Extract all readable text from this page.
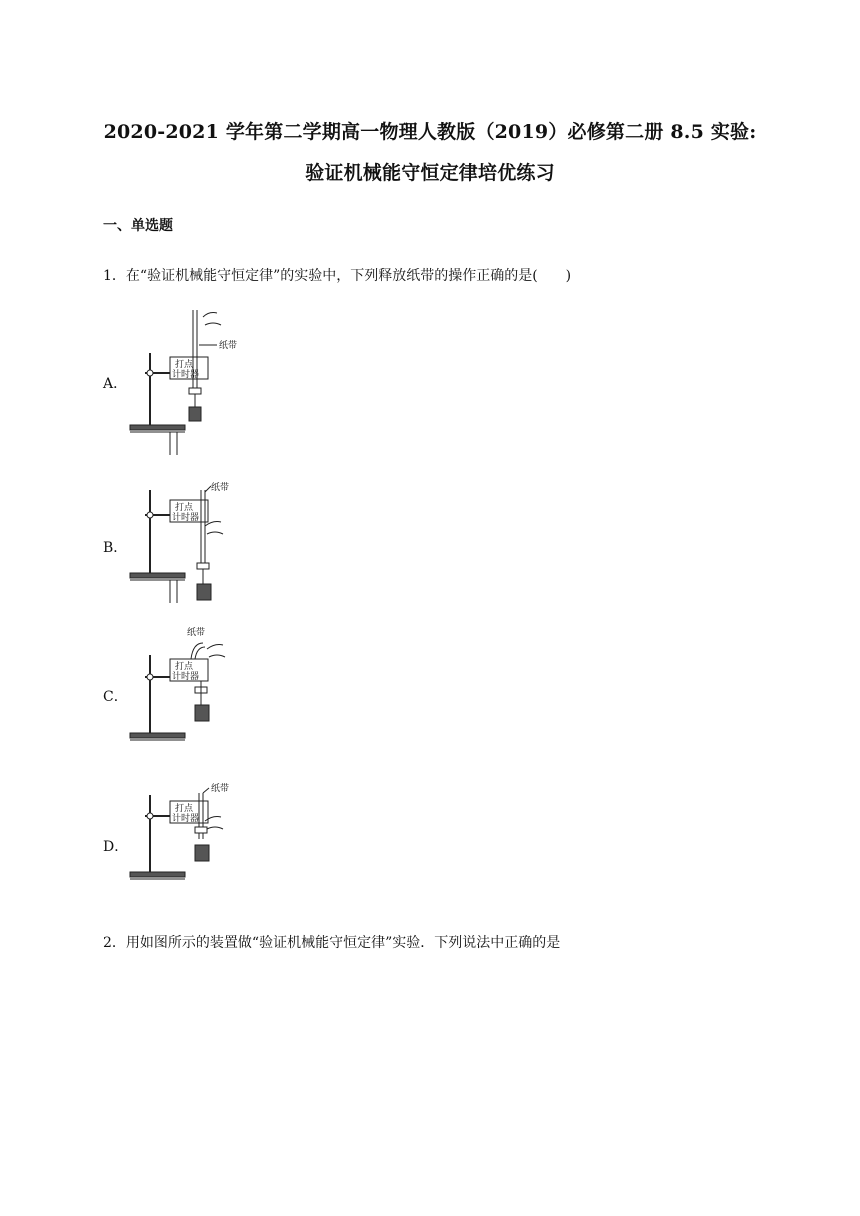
2020-2021 学年第二学期高一物理人教版（2019）必修第二册 8.5 实验:
验证机械能守恒定律培优练习
一、单选题
1．在“验证机械能守恒定律”的实验中，下列释放纸带的操作正确的是(　　)
A．
打点
计时器
纸带
B．
打点
计时器
纸带
C．
打点
计时器
纸带
D．
打点
计时器
纸带
2．用如图所示的装置做“验证机械能守恒定律”实验．下列说法中正确的是
